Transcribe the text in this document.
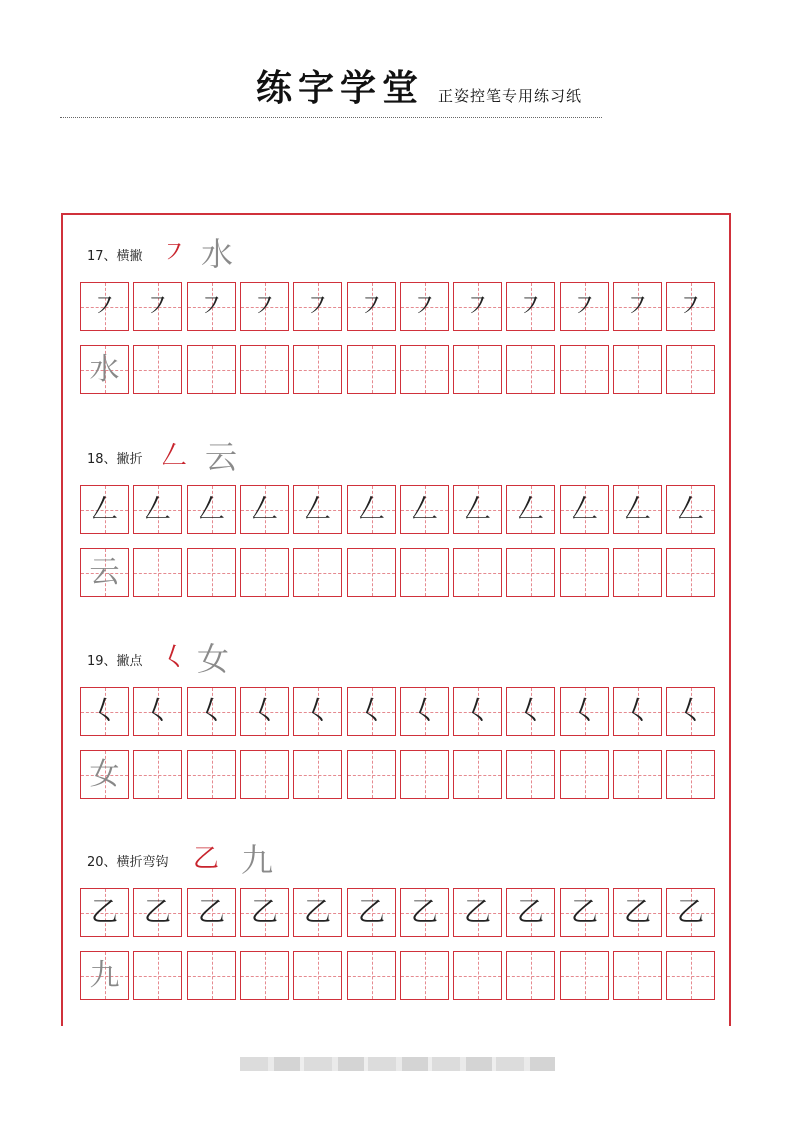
练字学堂 正姿控笔专用练习纸
17、横撇 ㇇ 水
㇇ ㇇	㇇ ㇇ ㇇	㇇ ㇇ ㇇ ㇇	㇇ ㇇ ㇇
水
18、撇折 𠃋 云
𠃋 𠃋	𠃋 𠃋 𠃋	𠃋 𠃋 𠃋 𠃋	𠃋 𠃋 𠃋
云
19、撇点 𡿨 女
𡿨 𡿨	𡿨 𡿨 𡿨	𡿨 𡿨 𡿨 𡿨	𡿨 𡿨 𡿨
女
20、横折弯钩 乙 九
乙 乙	乙 乙 乙	乙 乙 乙 乙	乙 乙 乙
九
